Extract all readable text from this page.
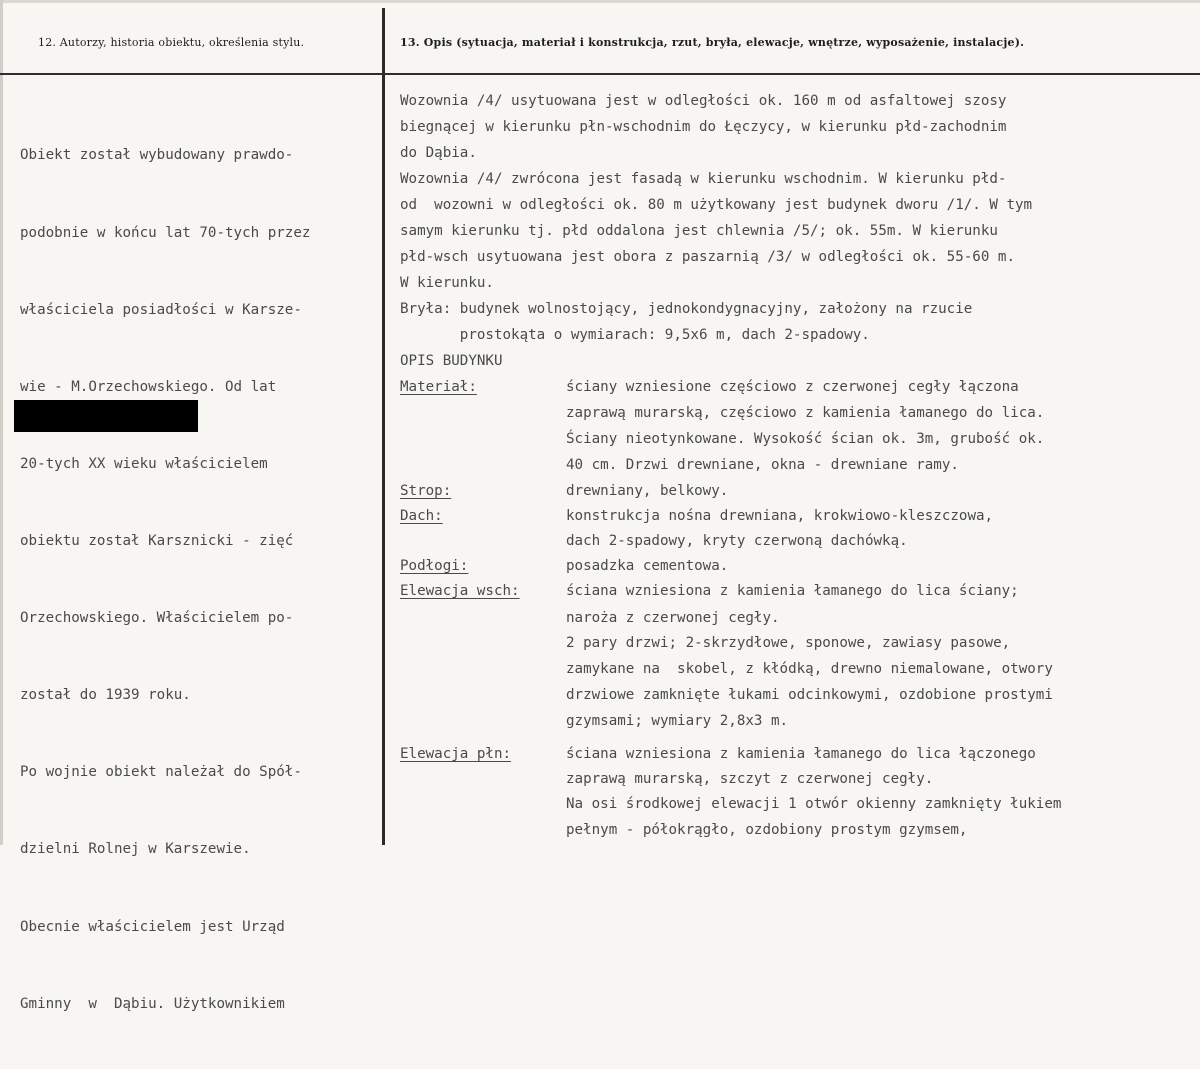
12. Autorzy, historia obiektu, określenia stylu.	13. Opis (sytuacja, materiał i konstrukcja, rzut, bryła, elewacje, wnętrze, wyposażenie, instalacje).

Obiekt został wybudowany prawdo-

podobnie w końcu lat 70-tych przez

właściciela posiadłości w Karsze-

wie - M.Orzechowskiego. Od lat

20-tych XX wieku właścicielem

obiektu został Karsznicki - zięć

Orzechowskiego. Właścicielem po-

został do 1939 roku.

Po wojnie obiekt należał do Spół-

dzielni Rolnej w Karszewie.

Obecnie właścicielem jest Urząd

Gminny  w  Dąbiu. Użytkownikiem

Wozownia /4/ usytuowana jest w odległości ok. 160 m od asfaltowej szosy
biegnącej w kierunku płn-wschodnim do Łęczycy, w kierunku płd-zachodnim
do Dąbia.
Wozownia /4/ zwrócona jest fasadą w kierunku wschodnim. W kierunku płd-
od  wozowni w odległości ok. 80 m użytkowany jest budynek dworu /1/. W tym
samym kierunku tj. płd oddalona jest chlewnia /5/; ok. 55m. W kierunku
płd-wsch usytuowana jest obora z paszarnią /3/ w odległości ok. 55-60 m.
W kierunku.
Bryła: budynek wolnostojący, jednokondygnacyjny, założony na rzucie
prostokąta o wymiarach: 9,5x6 m, dach 2-spadowy.
OPIS BUDYNKU
Materiał:
Strop:
Dach:
Podłogi:
Elewacja wsch:
Elewacja płn:
ściany wzniesione częściowo z czerwonej cegły łączona
zaprawą murarską, częściowo z kamienia łamanego do lica.
Ściany nieotynkowane. Wysokość ścian ok. 3m, grubość ok.
40 cm. Drzwi drewniane, okna - drewniane ramy.
drewniany, belkowy.
konstrukcja nośna drewniana, krokwiowo-kleszczowa,
dach 2-spadowy, kryty czerwoną dachówką.
posadzka cementowa.
ściana wzniesiona z kamienia łamanego do lica ściany;
naroża z czerwonej cegły.
2 pary drzwi; 2-skrzydłowe, sponowe, zawiasy pasowe,
zamykane na  skobel, z kłódką, drewno niemalowane, otwory
drzwiowe zamknięte łukami odcinkowymi, ozdobione prostymi
gzymsami; wymiary 2,8x3 m.
ściana wzniesiona z kamienia łamanego do lica łączonego
zaprawą murarską, szczyt z czerwonej cegły.
Na osi środkowej elewacji 1 otwór okienny zamknięty łukiem
pełnym - półokrągło, ozdobiony prostym gzymsem,
